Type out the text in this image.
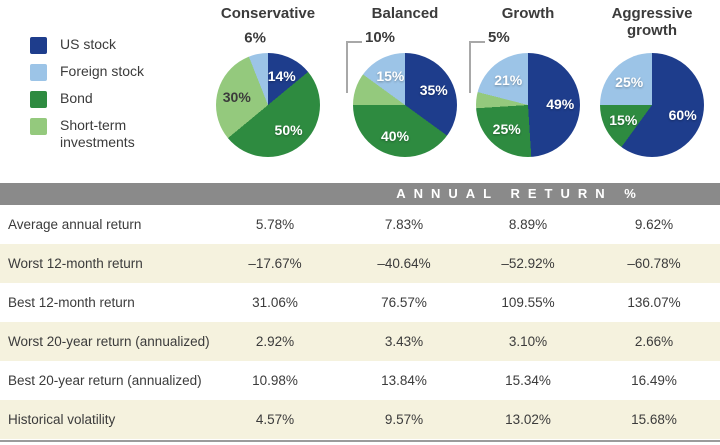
US stock
Foreign stock
Bond
Short-term investments
Conservative
14%
50%
30%
6%
Balanced
35%
40%
10%
15%
Growth
49%
25%
5%
21%
Aggressive growth
60%
15%
25%
ANNUAL RETURN %
Average annual return	5.78%	7.83%	8.89%	9.62%
Worst 12-month return	–17.67%	–40.64%	–52.92%	–60.78%
Best 12-month return	31.06%	76.57%	109.55%	136.07%
Worst 20-year return (annualized)	2.92%	3.43%	3.10%	2.66%
Best 20-year return (annualized)	10.98%	13.84%	15.34%	16.49%
Historical volatility	4.57%	9.57%	13.02%	15.68%
